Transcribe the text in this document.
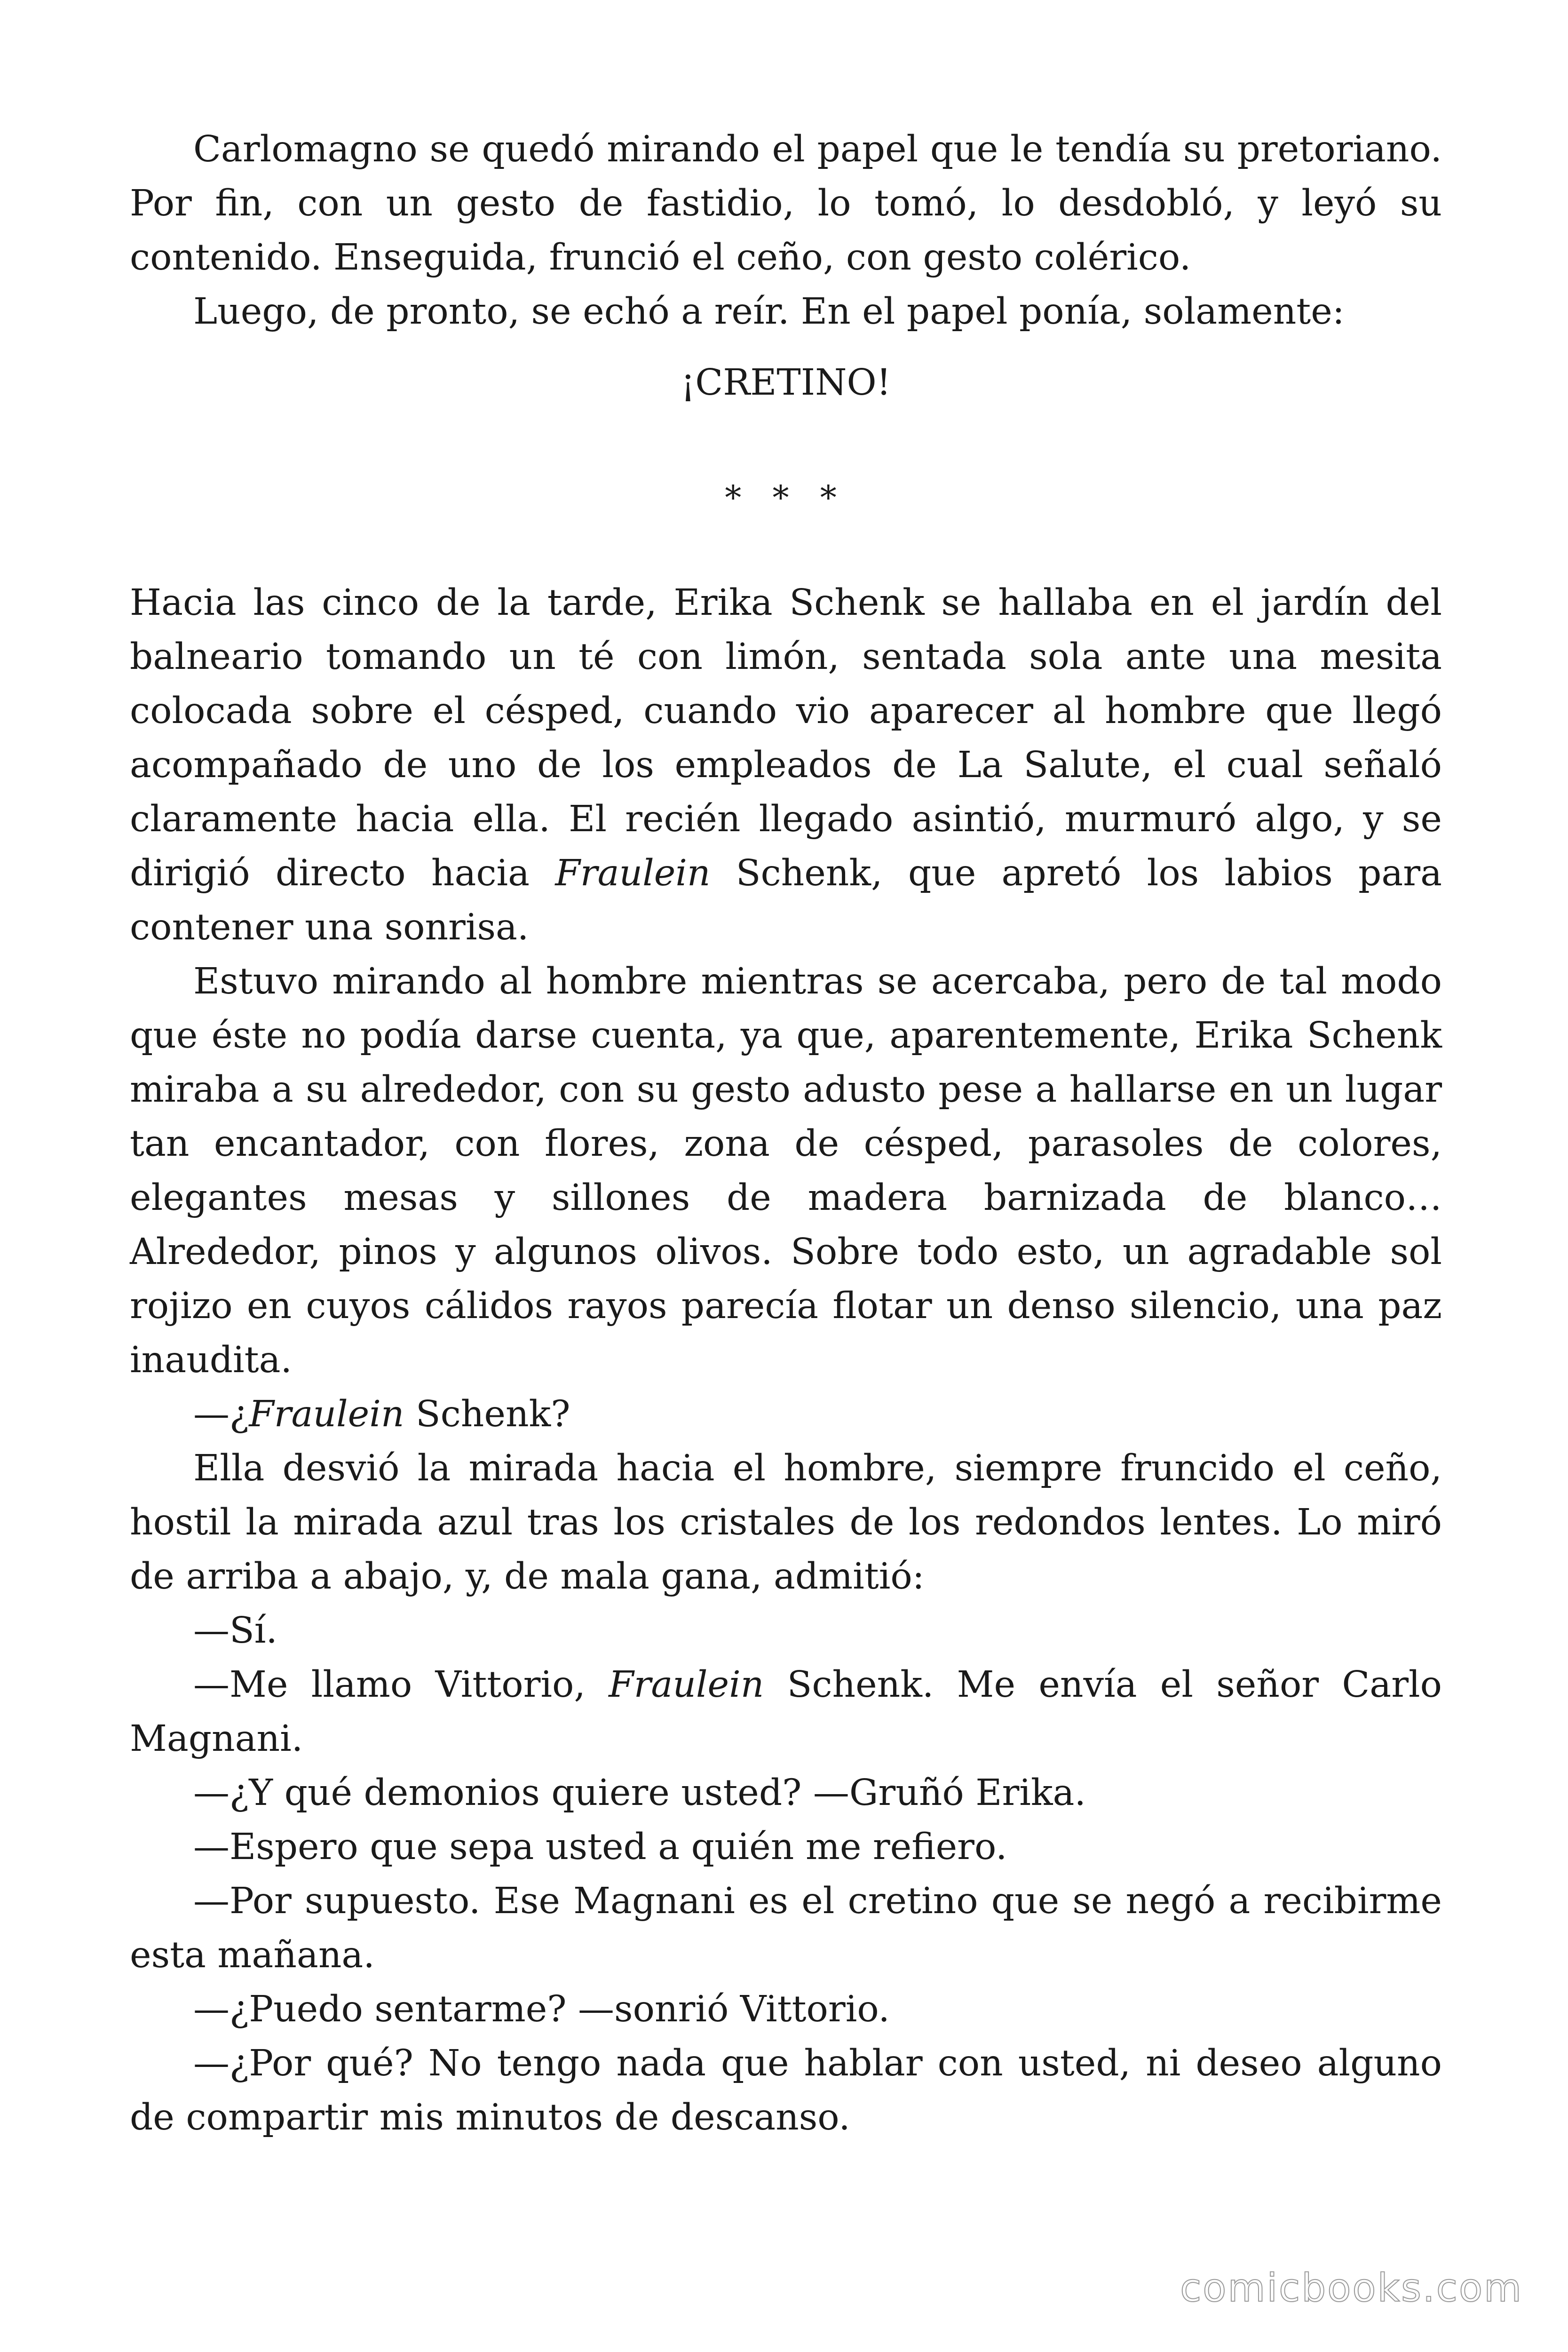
Carlomagno se quedó mirando el papel que le tendía su pretoriano. Por fin, con un gesto de fastidio, lo tomó, lo desdobló, y leyó su contenido. Enseguida, frunció el ceño, con gesto colérico.

Luego, de pronto, se echó a reír. En el papel ponía, solamente:

¡CRETINO!

* * *

Hacia las cinco de la tarde, Erika Schenk se hallaba en el jardín del balneario tomando un té con limón, sentada sola ante una mesita colocada sobre el césped, cuando vio aparecer al hombre que llegó acompañado de uno de los empleados de La Salute, el cual señaló claramente hacia ella. El recién llegado asintió, murmuró algo, y se dirigió directo hacia Fraulein Schenk, que apretó los labios para contener una sonrisa.

Estuvo mirando al hombre mientras se acercaba, pero de tal modo que éste no podía darse cuenta, ya que, aparentemente, Erika Schenk miraba a su alrededor, con su gesto adusto pese a hallarse en un lugar tan encantador, con flores, zona de césped, parasoles de colores, elegantes mesas y sillones de madera barnizada de blanco… Alrededor, pinos y algunos olivos. Sobre todo esto, un agradable sol rojizo en cuyos cálidos rayos parecía flotar un denso silencio, una paz inaudita.

—¿Fraulein Schenk?

Ella desvió la mirada hacia el hombre, siempre fruncido el ceño, hostil la mirada azul tras los cristales de los redondos lentes. Lo miró de arriba a abajo, y, de mala gana, admitió:

—Sí.

—Me llamo Vittorio, Fraulein Schenk. Me envía el señor Carlo Magnani.

—¿Y qué demonios quiere usted? —Gruñó Erika.

—Espero que sepa usted a quién me refiero.

—Por supuesto. Ese Magnani es el cretino que se negó a recibirme esta mañana.

—¿Puedo sentarme? —sonrió Vittorio.

—¿Por qué? No tengo nada que hablar con usted, ni deseo alguno de compartir mis minutos de descanso.

comicbooks.com
